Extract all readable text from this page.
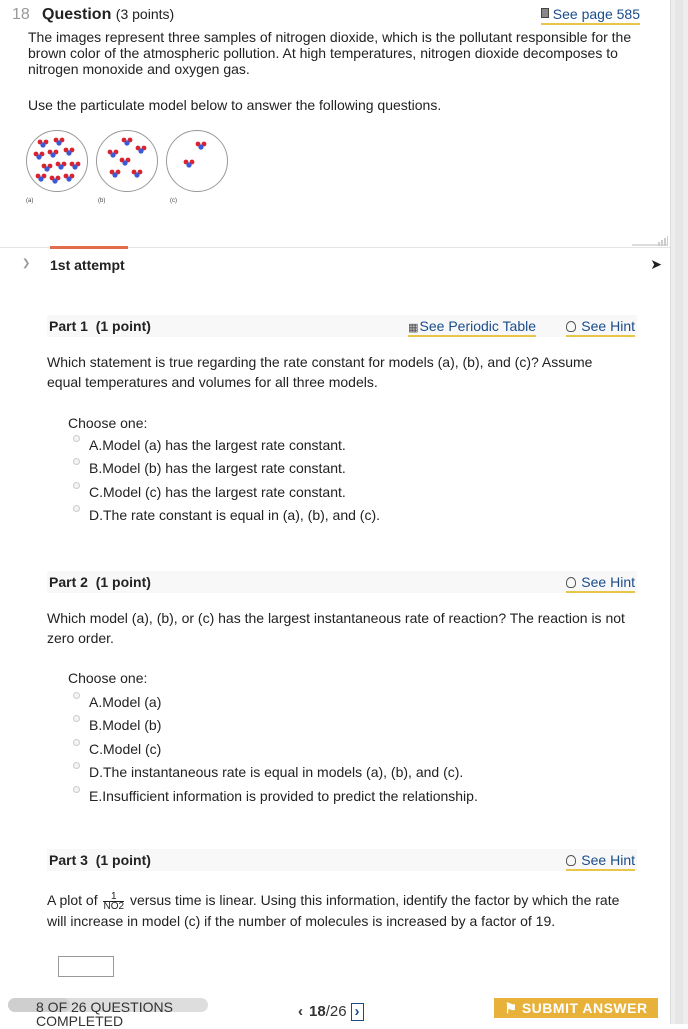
18 Question (3 points)	See page 585
The images represent three samples of nitrogen dioxide, which is the pollutant responsible for the brown color of the atmospheric pollution. At high temperatures, nitrogen dioxide decomposes to nitrogen monoxide and oxygen gas.
Use the particulate model below to answer the following questions.
(a)	(b)	(c)
❯ 1st attempt	➤
Part 1 (1 point)	▦ See Periodic Table	See Hint
Which statement is true regarding the rate constant for models (a), (b), and (c)? Assume equal temperatures and volumes for all three models.
Choose one:
A.Model (a) has the largest rate constant.
B.Model (b) has the largest rate constant.
C.Model (c) has the largest rate constant.
D.The rate constant is equal in (a), (b), and (c).
Part 2 (1 point)	See Hint
Which model (a), (b), or (c) has the largest instantaneous rate of reaction? The reaction is not zero order.
Choose one:
A.Model (a)
B.Model (b)
C.Model (c)
D.The instantaneous rate is equal in models (a), (b), and (c).
E.Insufficient information is provided to predict the relationship.
Part 3 (1 point)	See Hint
A plot of $\frac{1}{NO2}$ versus time is linear. Using this information, identify the factor by which the rate will increase in model (c) if the number of molecules is increased by a factor of 19.
8 OF 26 QUESTIONS COMPLETED
‹ 18/26 ›	⚑ SUBMIT ANSWER
